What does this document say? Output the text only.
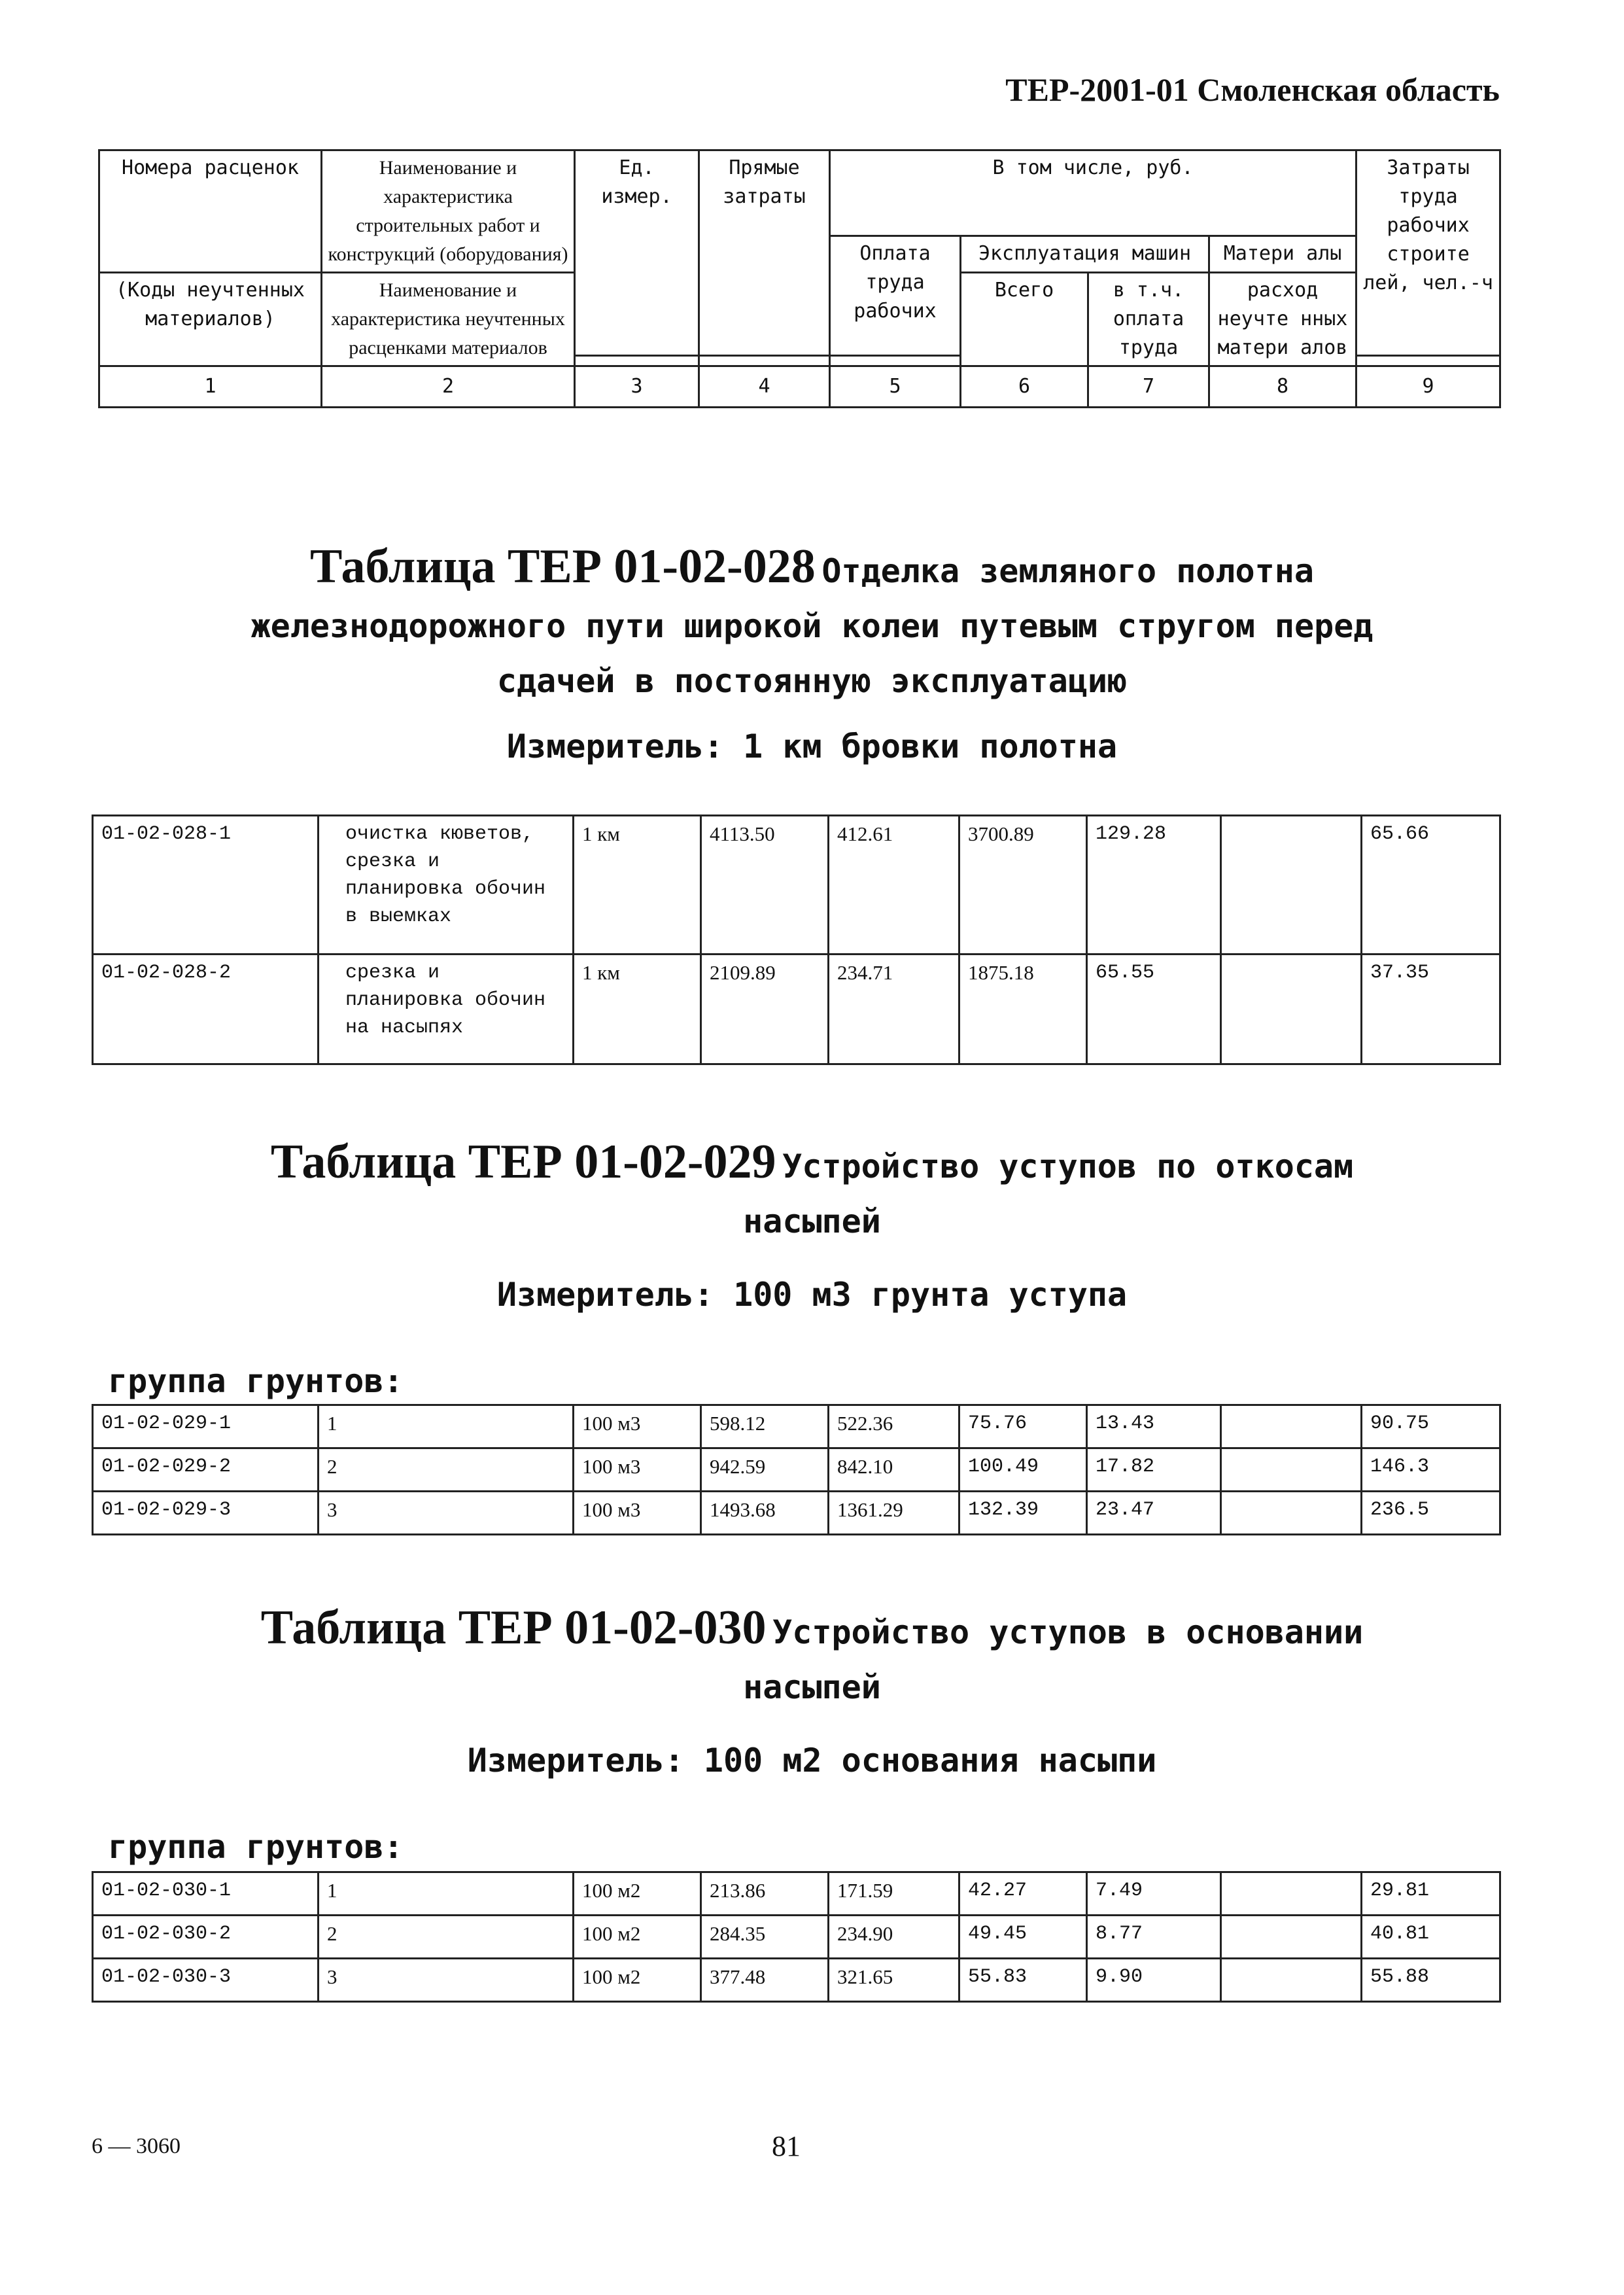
ТЕР-2001-01 Смоленская область
Номера расценок	Наименование и характеристика строительных работ и конструкций (оборудования)	Ед. измер.	Прямые затраты	В том числе, руб.				Затраты труда рабочих строите лей, чел.-ч
				Оплата труда рабочих	Эксплуатация машин		Матери алы	
(Коды неучтенных материалов)	Наименование и характеристика неучтенных расценками материалов				Всего	в т.ч. оплата труда	расход неучте нных матери алов	

1	2	3	4	5	6	7	8	9
Таблица ТЕР 01-02-028 Отделка земляного полотна
железнодорожного пути широкой колеи путевым стругом перед
сдачей в постоянную эксплуатацию
Измеритель: 1 км бровки полотна
01-02-028-1	очистка кюветов, срезка и планировка обочин в выемках	1 км	4113.50	412.61	3700.89	129.28		65.66
01-02-028-2	срезка и планировка обочин на насыпях	1 км	2109.89	234.71	1875.18	65.55		37.35
Таблица ТЕР 01-02-029 Устройство уступов по откосам
насыпей
Измеритель: 100 м3 грунта уступа
группа грунтов:
01-02-029-1	1	100 м3	598.12	522.36	75.76	13.43		90.75
01-02-029-2	2	100 м3	942.59	842.10	100.49	17.82		146.3
01-02-029-3	3	100 м3	1493.68	1361.29	132.39	23.47		236.5
Таблица ТЕР 01-02-030 Устройство уступов в основании
насыпей
Измеритель: 100 м2 основания насыпи
группа грунтов:
01-02-030-1	1	100 м2	213.86	171.59	42.27	7.49		29.81
01-02-030-2	2	100 м2	284.35	234.90	49.45	8.77		40.81
01-02-030-3	3	100 м2	377.48	321.65	55.83	9.90		55.88
6 — 3060	81
